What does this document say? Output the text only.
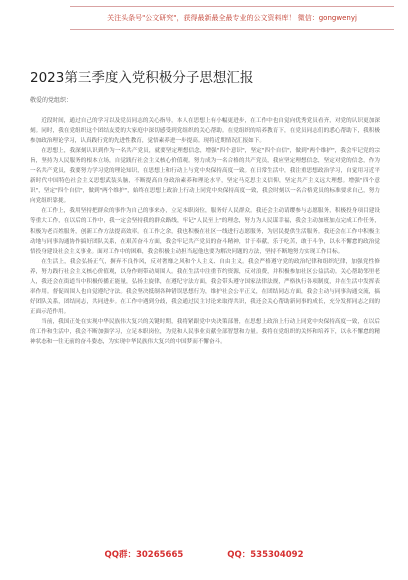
关注头条号"公文研究"，获得最新最全最专业的公文资料库！ 微信：gongwenyj
2023第三季度入党积极分子思想汇报
敬爱的党组织：

近段时间，通过自己的学习以及党员同志的关心指导，本人在思想上有小幅更进步，在工作中也自觉向优秀党员看齐，对党的认识更加深刻。同时，我在党组织这个团结友爱的大家庭中深切感受到党组织的关心帮助。在党组织的培养教育下，在党员同志们的悉心帮助下，我积极参加政治理论学习，认真践行党的先进性教育，觉悟素养进一步提高。现将近期情况汇报如下。

在思想上，我深刻认识到作为一名共产党员，就要坚定理想信念，增强"四个意识"，坚定"四个自信"，做到"两个维护"，我会牢记党的宗旨，坚持为人民服务的根本立场，自觉践行社会主义核心价值观。努力成为一名合格的共产党员，我应坚定理想信念，坚定对党的信念，作为一名共产党员，我要努力学习党的理论知识，在思想上和行动上与党中央保持高度一致。在日常生活中，我注重思想政治学习，自觉用习近平新时代中国特色社会主义思想武装头脑，不断提高自身政治素养和理论水平，坚定马克思主义信仰，坚定共产主义远大理想。增强"四个意识"，坚定"四个自信"，做到"两个维护"，始终在思想上政治上行动上同党中央保持高度一致，我会时刻以一名合格党员的标准要求自己，努力向党组织靠拢。

在工作上，我用坚持把群众的事作为自己的事来办，立足本职岗位，服务好人民群众。我还会主动请缨参与志愿服务，积极投身项目建设等重大工作，在以后的工作中，我一定会坚持我的群众路线，牢记"人民至上"的理念，努力为人民谋幸福，我会主动加班加点完成工作任务，积极为老百姓服务，创新工作方法提高效率。在工作之余，我也积极在社区一线进行志愿服务，为居民提供生活服务。我还会在工作中积极主动地与同事沟通协作搞好团队关系，在艰苦奋斗方面，我会牢记共产党员的奋斗精神，甘于奉献，乐于吃苦，敢于斗争，以永不懈怠的政治觉悟投身建设社会主义事业。面对工作中的困难，我会积极主动担当起他也要为解决问题的方法，坚持不断地努力实现工作目标。

在生活上，我会弘扬正气，摒弃不良作风，反对奢靡之风和个人主义、自由主义。我会严格遵守党的政治纪律和组织纪律，加强党性修养，努力践行社会主义核心价值观，以身作则带动周围人。我在生活中注重节约资源，反对浪费，并积极参加社区公益活动。关心帮助邻里老人，我还会在街道当中积极传播正能量，弘扬主旋律，在遵纪守法方面，我会带头遵守国家法律法规，严格执行各项制度，并在生活中发挥表率作用。督促周围人也自觉遵纪守法。我会坚决抵制各种错误思想行为，维护社会公平正义，在团结同志方面，我会主动与同事沟通交流，搞好团队关系，团结同志，共同进步。在工作中遇到分歧，我会通过民主讨论来取得共识，我还会关心帮助新同事的成长，充分发挥同志之间的正面示范作用。

当前，我国正处在实现中华民族伟大复兴的关键时期，我将紧跟党中央决策部署，在思想上政治上行动上同党中央保持高度一致，在以后的工作和生活中，我会不断加强学习，立足本职岗位，为党和人民事业贡献全部智慧和力量。我将在党组织的关怀和培养下，以永不懈怠的精神状态和一往无前的奋斗姿态，为实现中华民族伟大复兴的中国梦而不懈奋斗。

QQ群：30265665	QQ：535304092
